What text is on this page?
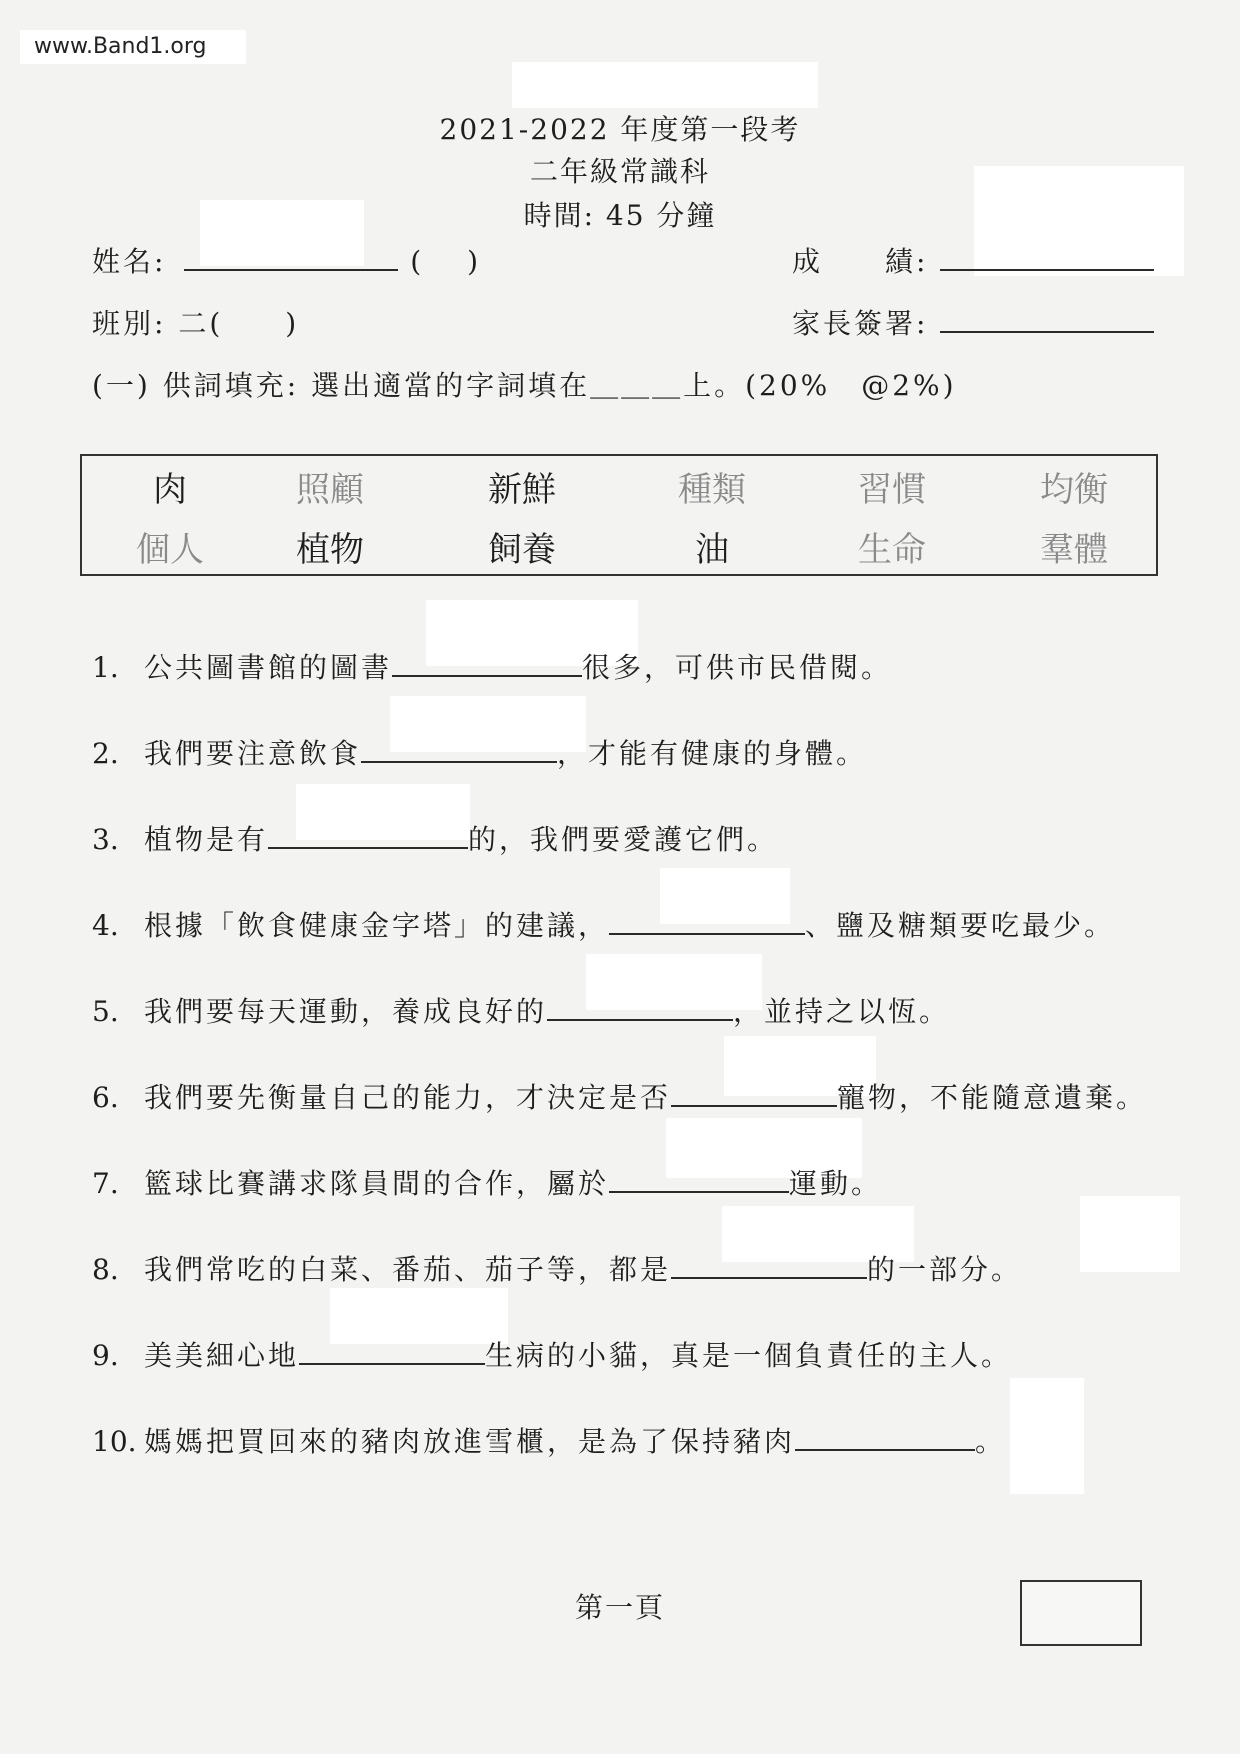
www.Band1.org
2021-2022 年度第一段考
二年級常識科
時間: 45 分鐘
姓名:	(　 )	成　　績:
班別: 二(　　)	家長簽署:
(一) 供詞填充: 選出適當的字詞填在＿＿＿上。(20%　@2%)
肉	照顧	新鮮	種類	習慣	均衡
個人	植物	飼養	油	生命	羣體
1. 公共圖書館的圖書	很多，可供市民借閱。
2. 我們要注意飲食	，才能有健康的身體。
3. 植物是有	的，我們要愛護它們。
4. 根據「飲食健康金字塔」的建議，	、鹽及糖類要吃最少。
5. 我們要每天運動，養成良好的	，並持之以恆。
6. 我們要先衡量自己的能力，才決定是否	寵物，不能隨意遺棄。
7. 籃球比賽講求隊員間的合作，屬於	運動。
8. 我們常吃的白菜、番茄、茄子等，都是	的一部分。
9. 美美細心地	生病的小貓，真是一個負責任的主人。
10. 媽媽把買回來的豬肉放進雪櫃，是為了保持豬肉	。
第一頁
